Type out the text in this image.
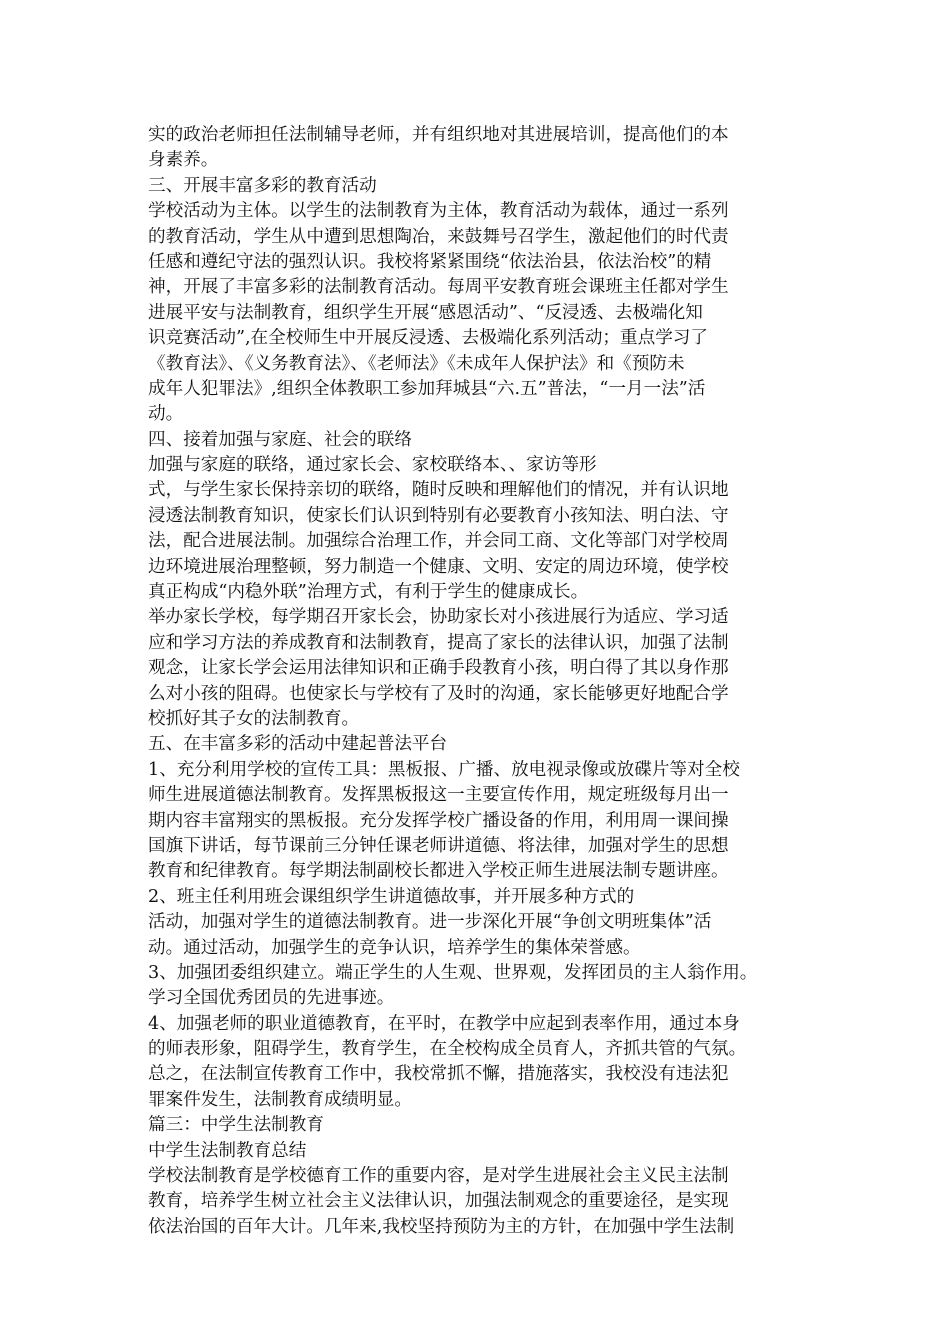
实的政治老师担任法制辅导老师，并有组织地对其进展培训，提高他们的本
身素养。
三、开展丰富多彩的教育活动
学校活动为主体。以学生的法制教育为主体，教育活动为载体，通过一系列
的教育活动，学生从中遭到思想陶冶，来鼓舞号召学生，激起他们的时代责
任感和遵纪守法的强烈认识。我校将紧紧围绕“依法治县，依法治校”的精
神，开展了丰富多彩的法制教育活动。每周平安教育班会课班主任都对学生
进展平安与法制教育，组织学生开展“感恩活动”、“反浸透、去极端化知
识竞赛活动”,在全校师生中开展反浸透、去极端化系列活动；重点学习了
《教育法》、《义务教育法》、《老师法》《未成年人保护法》和《预防未
成年人犯罪法》,组织全体教职工参加拜城县“六.五”普法，“一月一法”活
动。
四、接着加强与家庭、社会的联络
加强与家庭的联络，通过家长会、家校联络本、、家访等形
式，与学生家长保持亲切的联络，随时反映和理解他们的情况，并有认识地
浸透法制教育知识，使家长们认识到特别有必要教育小孩知法、明白法、守
法，配合进展法制。加强综合治理工作，并会同工商、文化等部门对学校周
边环境进展治理整顿，努力制造一个健康、文明、安定的周边环境，使学校
真正构成“内稳外联”治理方式，有利于学生的健康成长。
举办家长学校，每学期召开家长会，协助家长对小孩进展行为适应、学习适
应和学习方法的养成教育和法制教育，提高了家长的法律认识，加强了法制
观念，让家长学会运用法律知识和正确手段教育小孩，明白得了其以身作那
么对小孩的阻碍。也使家长与学校有了及时的沟通，家长能够更好地配合学
校抓好其子女的法制教育。
五、在丰富多彩的活动中建起普法平台
1、充分利用学校的宣传工具：黑板报、广播、放电视录像或放碟片等对全校
师生进展道德法制教育。发挥黑板报这一主要宣传作用，规定班级每月出一
期内容丰富翔实的黑板报。充分发挥学校广播设备的作用，利用周一课间操
国旗下讲话，每节课前三分钟任课老师讲道德、将法律，加强对学生的思想
教育和纪律教育。每学期法制副校长都进入学校正师生进展法制专题讲座。
2、班主任利用班会课组织学生讲道德故事，并开展多种方式的
活动，加强对学生的道德法制教育。进一步深化开展“争创文明班集体”活
动。通过活动，加强学生的竞争认识，培养学生的集体荣誉感。
3、加强团委组织建立。端正学生的人生观、世界观，发挥团员的主人翁作用。
学习全国优秀团员的先进事迹。
4、加强老师的职业道德教育，在平时，在教学中应起到表率作用，通过本身
的师表形象，阻碍学生，教育学生，在全校构成全员育人，齐抓共管的气氛。
总之，在法制宣传教育工作中，我校常抓不懈，措施落实，我校没有违法犯
罪案件发生，法制教育成绩明显。
篇三：中学生法制教育
中学生法制教育总结
学校法制教育是学校德育工作的重要内容，是对学生进展社会主义民主法制
教育，培养学生树立社会主义法律认识，加强法制观念的重要途径，是实现
依法治国的百年大计。几年来,我校坚持预防为主的方针，在加强中学生法制
